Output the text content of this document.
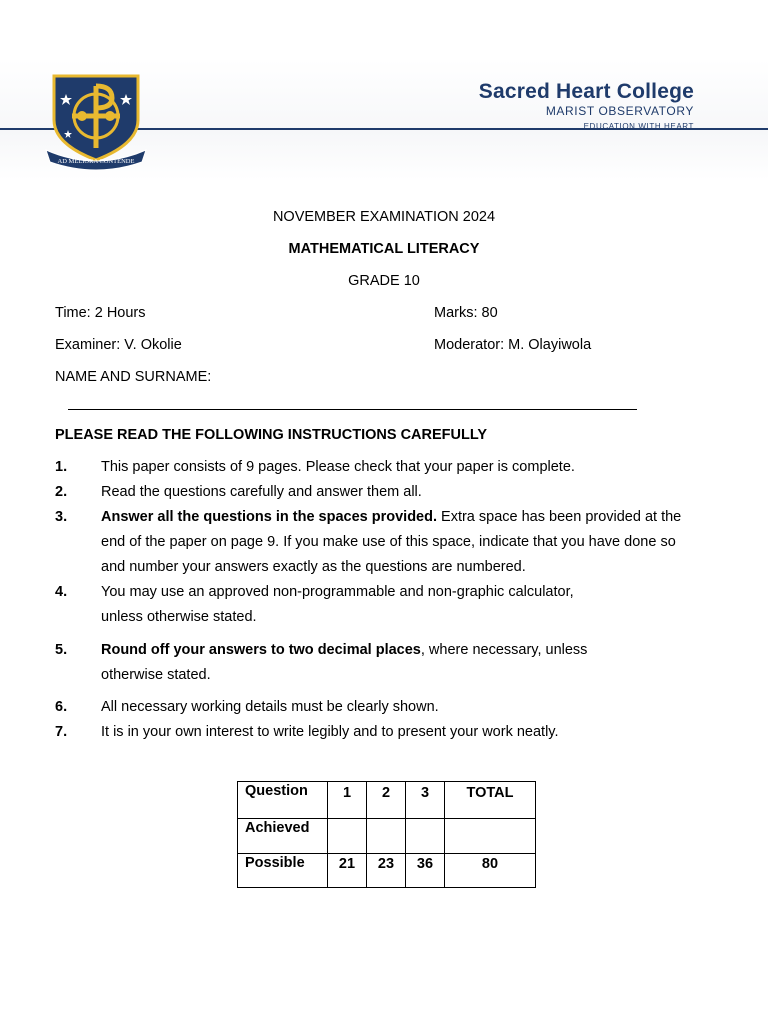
AD MELIORA CONTENDE
Sacred Heart College
MARIST OBSERVATORY
EDUCATION WITH HEART
NOVEMBER EXAMINATION 2024
MATHEMATICAL LITERACY
GRADE 10
Time: 2 Hours	Marks: 80
Examiner: V. Okolie	Moderator: M. Olayiwola
NAME AND SURNAME:
PLEASE READ THE FOLLOWING INSTRUCTIONS CAREFULLY
1.	This paper consists of 9 pages. Please check that your paper is complete.
2.	Read the questions carefully and answer them all.
3.	Answer all the questions in the spaces provided. Extra space has been provided at the end of the paper on page 9. If you make use of this space, indicate that you have done so and number your answers exactly as the questions are numbered.
4.	You may use an approved non-programmable and non-graphic calculator,
unless otherwise stated.
5.	Round off your answers to two decimal places, where necessary, unless otherwise stated.
6.	All necessary working details must be clearly shown.
7.	It is in your own interest to write legibly and to present your work neatly.
Question	1	2	3	TOTAL
Achieved				
Possible	21	23	36	80
